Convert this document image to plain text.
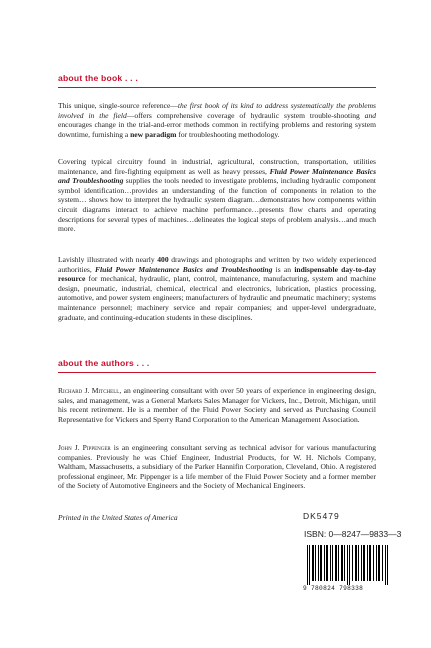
about the book . . .

This unique, single-source reference—the first book of its kind to address systematically the problems involved in the field—offers comprehensive coverage of hydraulic system trouble-shooting and encourages change in the trial-and-error methods common in rectifying problems and restoring system downtime, furnishing a new paradigm for troubleshooting methodology.

Covering typical circuitry found in industrial, agricultural, construction, transportation, utilities maintenance, and fire-fighting equipment as well as heavy presses, Fluid Power Maintenance Basics and Troubleshooting supplies the tools needed to investigate problems, including hydraulic component symbol identification…provides an understanding of the function of components in relation to the system… shows how to interpret the hydraulic system diagram…demonstrates how components within circuit diagrams interact to achieve machine performance…presents flow charts and operating descriptions for several types of machines…delineates the logical steps of problem analysis…and much more.

Lavishly illustrated with nearly 400 drawings and photographs and written by two widely experienced authorities, Fluid Power Maintenance Basics and Troubleshooting is an indispensable day-to-day resource for mechanical, hydraulic, plant, control, maintenance, manufacturing, system and machine design, pneumatic, industrial, chemical, electrical and electronics, lubrication, plastics processing, automotive, and power system engineers; manufacturers of hydraulic and pneumatic machinery; systems maintenance personnel; machinery service and repair companies; and upper-level undergraduate, graduate, and continuing-education students in these disciplines.

about the authors . . .

Richard J. Mitchell, an engineering consultant with over 50 years of experience in engineering design, sales, and management, was a General Markets Sales Manager for Vickers, Inc., Detroit, Michigan, until his recent retirement. He is a member of the Fluid Power Society and served as Purchasing Council Representative for Vickers and Sperry Rand Corporation to the American Management Association.

John J. Pippenger is an engineering consultant serving as technical advisor for various manufacturing companies. Previously he was Chief Engineer, Industrial Products, for W. H. Nichols Company, Waltham, Massachusetts, a subsidiary of the Parker Hannifin Corporation, Cleveland, Ohio. A registered professional engineer, Mr. Pippenger is a life member of the Fluid Power Society and a former member of the Society of Automotive Engineers and the Society of Mechanical Engineers.

Printed in the United States of America	DK5479
ISBN: 0—8247—9833—3
9 780824 798338
